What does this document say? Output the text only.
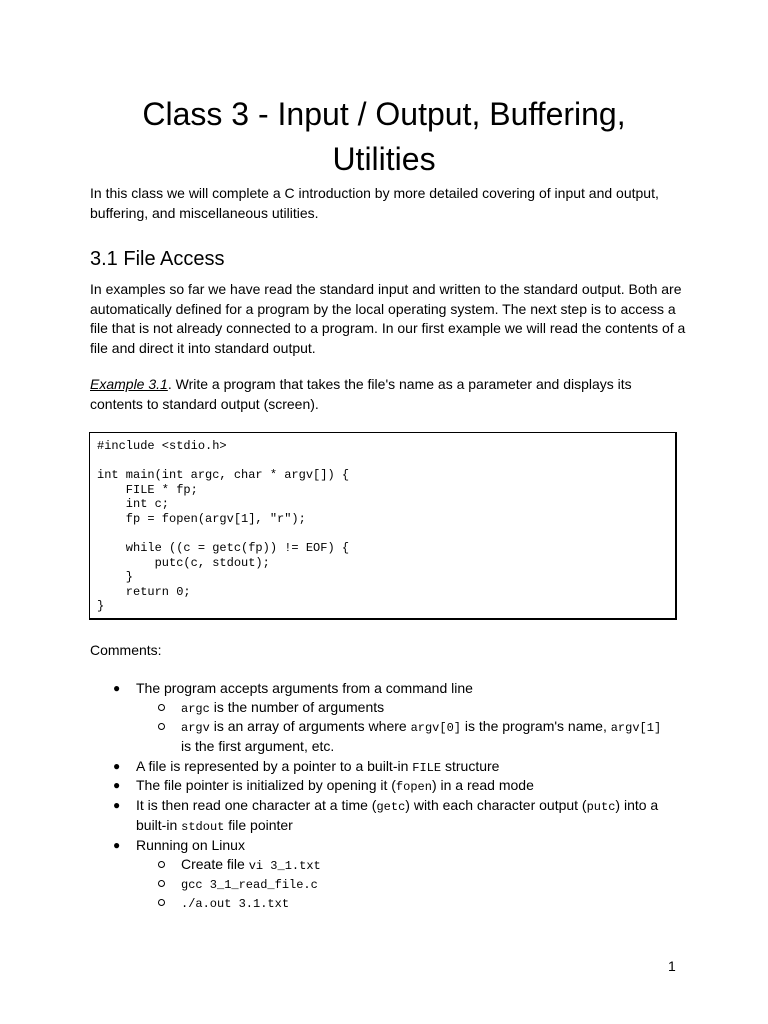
Class 3 - Input / Output, Buffering,
Utilities

In this class we will complete a C introduction by more detailed covering of input and output,
buffering, and miscellaneous utilities.

3.1 File Access

In examples so far we have read the standard input and written to the standard output. Both are
automatically defined for a program by the local operating system. The next step is to access a
file that is not already connected to a program. In our first example we will read the contents of a
file and direct it into standard output.

Example 3.1. Write a program that takes the file's name as a parameter and displays its
contents to standard output (screen).

#include <stdio.h>
int main(int argc, char * argv[]) {
FILE * fp;
int c;
fp = fopen(argv[1], "r");
while ((c = getc(fp)) != EOF) {
putc(c, stdout);
}
return 0;
}

Comments:

● The program accepts arguments from a command line

argc is the number of arguments

argv is an array of arguments where argv[0] is the program's name, argv[1]

is the first argument, etc.

● A file is represented by a pointer to a built-in FILE structure

● The file pointer is initialized by opening it (fopen) in a read mode

● It is then read one character at a time (getc) with each character output (putc) into a

built-in stdout file pointer

● Running on Linux

Create file vi 3_1.txt

gcc 3_1_read_file.c

./a.out 3.1.txt

1
